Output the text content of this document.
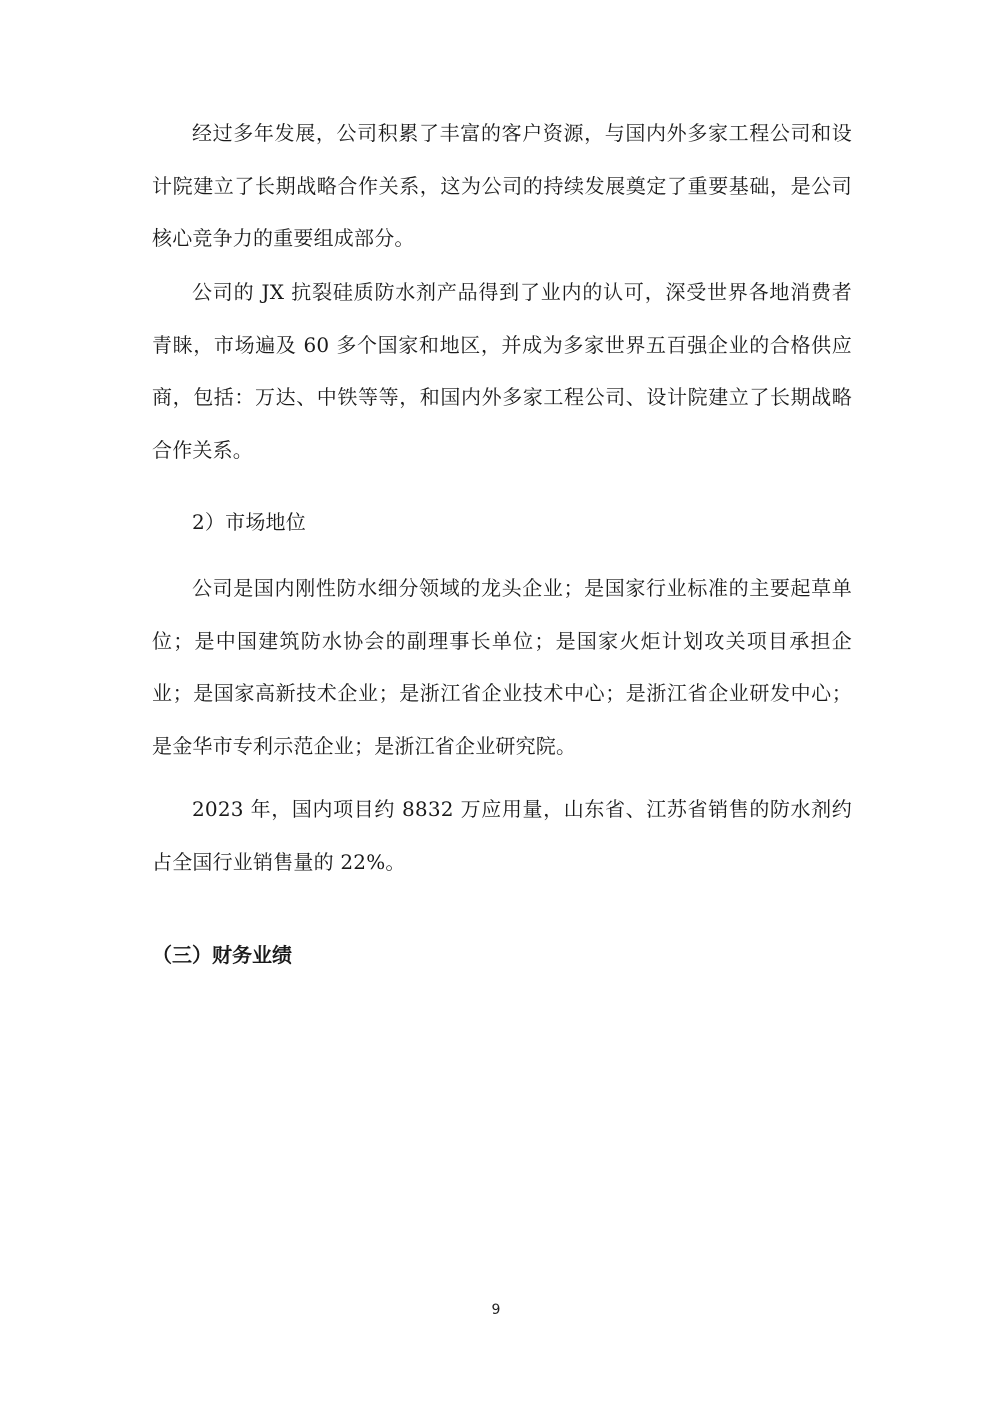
经过多年发展，公司积累了丰富的客户资源，与国内外多家工程公司和设计院建立了长期战略合作关系，这为公司的持续发展奠定了重要基础，是公司核心竞争力的重要组成部分。

公司的 JX 抗裂硅质防水剂产品得到了业内的认可，深受世界各地消费者青睐，市场遍及 60 多个国家和地区，并成为多家世界五百强企业的合格供应商，包括：万达、中铁等等，和国内外多家工程公司、设计院建立了长期战略合作关系。

2）市场地位

公司是国内刚性防水细分领域的龙头企业；是国家行业标准的主要起草单位；是中国建筑防水协会的副理事长单位；是国家火炬计划攻关项目承担企业；是国家高新技术企业；是浙江省企业技术中心；是浙江省企业研发中心；是金华市专利示范企业；是浙江省企业研究院。

2023 年，国内项目约 8832 万应用量，山东省、江苏省销售的防水剂约占全国行业销售量的 22%。

（三）财务业绩
9
